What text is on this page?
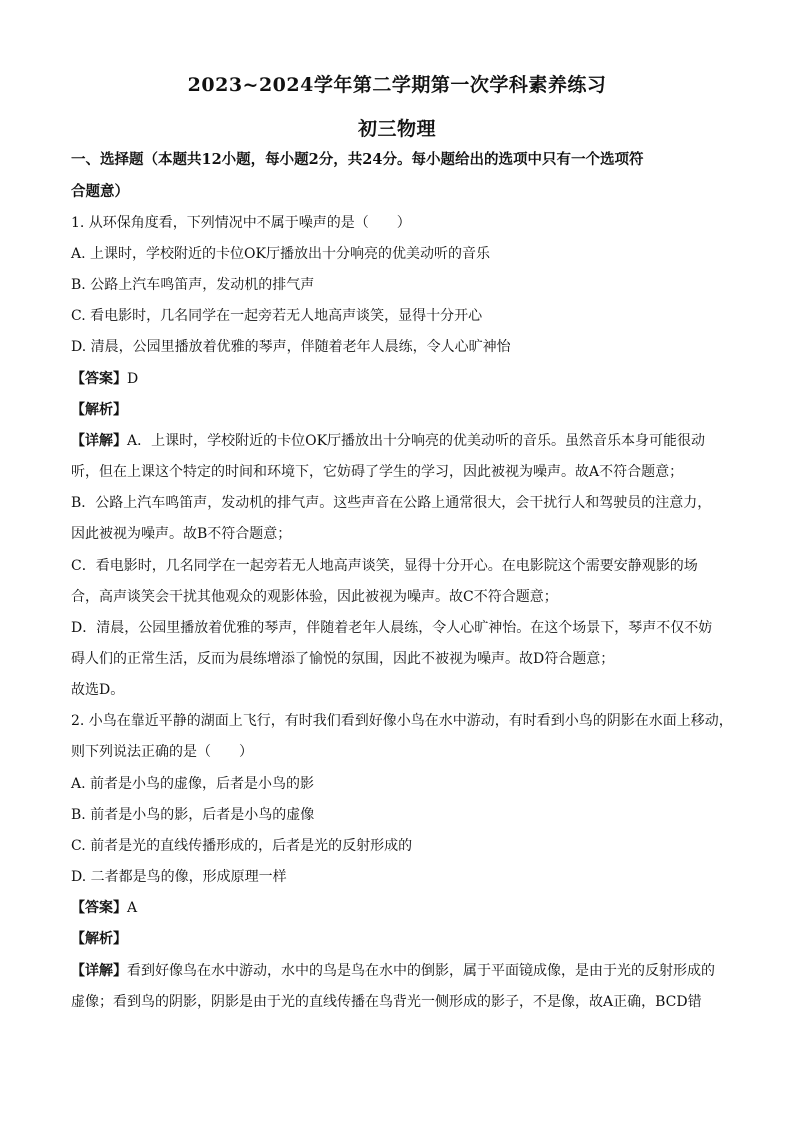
2023~2024学年第二学期第一次学科素养练习
初三物理
一、选择题（本题共12小题，每小题2分，共24分。每小题给出的选项中只有一个选项符
合题意）
1. 从环保角度看，下列情况中不属于噪声的是（　　）
A. 上课时，学校附近的卡位OK厅播放出十分响亮的优美动听的音乐
B. 公路上汽车鸣笛声，发动机的排气声
C. 看电影时，几名同学在一起旁若无人地高声谈笑，显得十分开心
D. 清晨，公园里播放着优雅的琴声，伴随着老年人晨练，令人心旷神怡
【答案】D
【解析】
【详解】A．上课时，学校附近的卡位OK厅播放出十分响亮的优美动听的音乐。虽然音乐本身可能很动
听，但在上课这个特定的时间和环境下，它妨碍了学生的学习，因此被视为噪声。故A不符合题意；
B．公路上汽车鸣笛声，发动机的排气声。这些声音在公路上通常很大，会干扰行人和驾驶员的注意力，
因此被视为噪声。故B不符合题意；
C．看电影时，几名同学在一起旁若无人地高声谈笑，显得十分开心。在电影院这个需要安静观影的场
合，高声谈笑会干扰其他观众的观影体验，因此被视为噪声。故C不符合题意；
D．清晨，公园里播放着优雅的琴声，伴随着老年人晨练，令人心旷神怡。在这个场景下，琴声不仅不妨
碍人们的正常生活，反而为晨练增添了愉悦的氛围，因此不被视为噪声。故D符合题意；
故选D。
2. 小鸟在靠近平静的湖面上飞行，有时我们看到好像小鸟在水中游动，有时看到小鸟的阴影在水面上移动，
则下列说法正确的是（　　）
A. 前者是小鸟的虚像，后者是小鸟的影
B. 前者是小鸟的影，后者是小鸟的虚像
C. 前者是光的直线传播形成的，后者是光的反射形成的
D. 二者都是鸟的像，形成原理一样
【答案】A
【解析】
【详解】看到好像鸟在水中游动，水中的鸟是鸟在水中的倒影，属于平面镜成像，是由于光的反射形成的
虚像；看到鸟的阴影，阴影是由于光的直线传播在鸟背光一侧形成的影子，不是像，故A正确，BCD错
